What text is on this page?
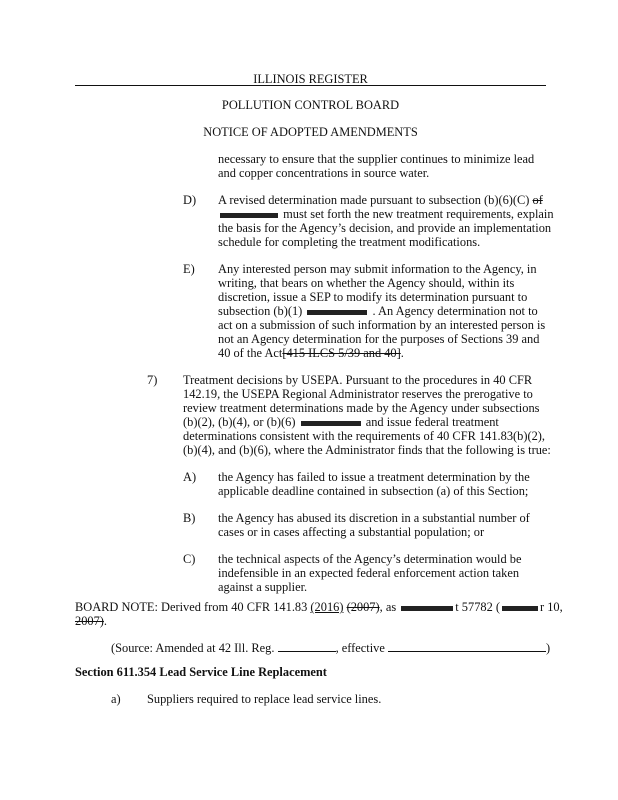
ILLINOIS REGISTER
POLLUTION CONTROL BOARD
NOTICE OF ADOPTED AMENDMENTS
necessary to ensure that the supplier continues to minimize lead
and copper concentrations in source water.
D) A revised determination made pursuant to subsection (b)(6)(C) of
must set forth the new treatment requirements, explain
the basis for the Agency’s decision, and provide an implementation
schedule for completing the treatment modifications.
E) Any interested person may submit information to the Agency, in
writing, that bears on whether the Agency should, within its
discretion, issue a SEP to modify its determination pursuant to
subsection (b)(1)	. An Agency determination not to
act on a submission of such information by an interested person is
not an Agency determination for the purposes of Sections 39 and
40 of the Act[415 ILCS 5/39 and 40].
7) Treatment decisions by USEPA. Pursuant to the procedures in 40 CFR
142.19, the USEPA Regional Administrator reserves the prerogative to
review treatment determinations made by the Agency under subsections
(b)(2), (b)(4), or (b)(6)	and issue federal treatment
determinations consistent with the requirements of 40 CFR 141.83(b)(2),
(b)(4), and (b)(6), where the Administrator finds that the following is true:
A) the Agency has failed to issue a treatment determination by the
applicable deadline contained in subsection (a) of this Section;
B) the Agency has abused its discretion in a substantial number of
cases or in cases affecting a substantial population; or
C) the technical aspects of the Agency’s determination would be
indefensible in an expected federal enforcement action taken
against a supplier.
BOARD NOTE: Derived from 40 CFR 141.83 (2016) (2007), as	t 57782 (	r 10,
2007).
(Source: Amended at 42 Ill. Reg.	, effective	)
Section 611.354 Lead Service Line Replacement
a) Suppliers required to replace lead service lines.
